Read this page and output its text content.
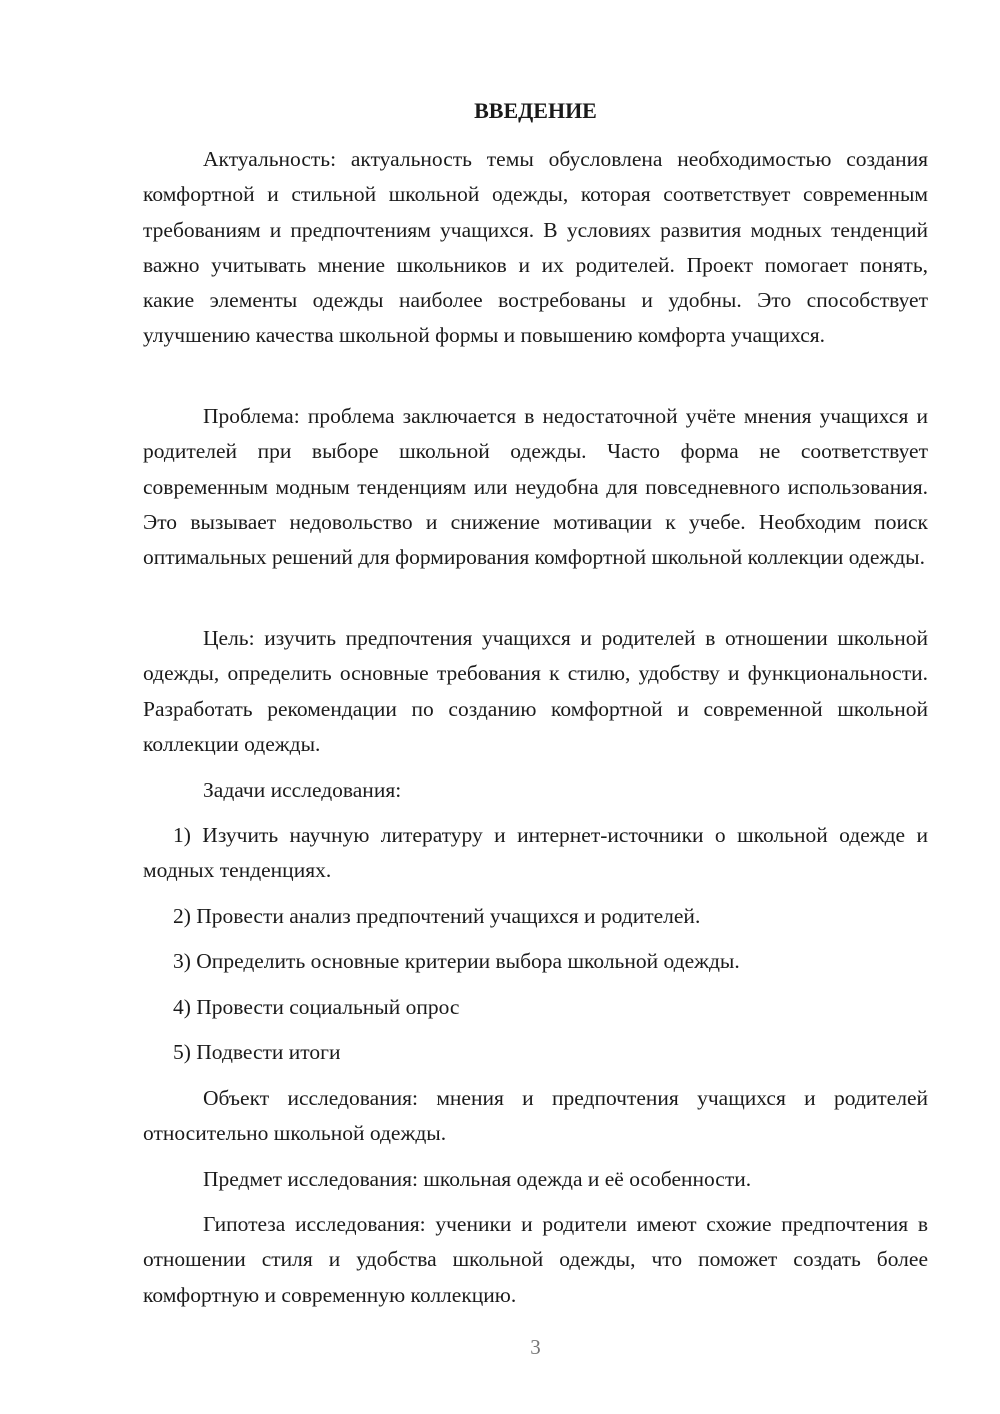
ВВЕДЕНИЕ

Актуальность: актуальность темы обусловлена необходимостью создания комфортной и стильной школьной одежды, которая соответствует современным требованиям и предпочтениям учащихся. В условиях развития модных тенденций важно учитывать мнение школьников и их родителей. Проект помогает понять, какие элементы одежды наиболее востребованы и удобны. Это способствует улучшению качества школьной формы и повышению комфорта учащихся.

Проблема: проблема заключается в недостаточной учёте мнения учащихся и родителей при выборе школьной одежды. Часто форма не соответствует современным модным тенденциям или неудобна для повседневного использования. Это вызывает недовольство и снижение мотивации к учебе. Необходим поиск оптимальных решений для формирования комфортной школьной коллекции одежды.

Цель: изучить предпочтения учащихся и родителей в отношении школьной одежды, определить основные требования к стилю, удобству и функциональности. Разработать рекомендации по созданию комфортной и современной школьной коллекции одежды.

Задачи исследования:

1) Изучить научную литературу и интернет-источники о школьной одежде и модных тенденциях.

2) Провести анализ предпочтений учащихся и родителей.

3) Определить основные критерии выбора школьной одежды.

4) Провести социальный опрос

5) Подвести итоги

Объект исследования: мнения и предпочтения учащихся и родителей относительно школьной одежды.

Предмет исследования: школьная одежда и её особенности.

Гипотеза исследования: ученики и родители имеют схожие предпочтения в отношении стиля и удобства школьной одежды, что поможет создать более комфортную и современную коллекцию.

3
